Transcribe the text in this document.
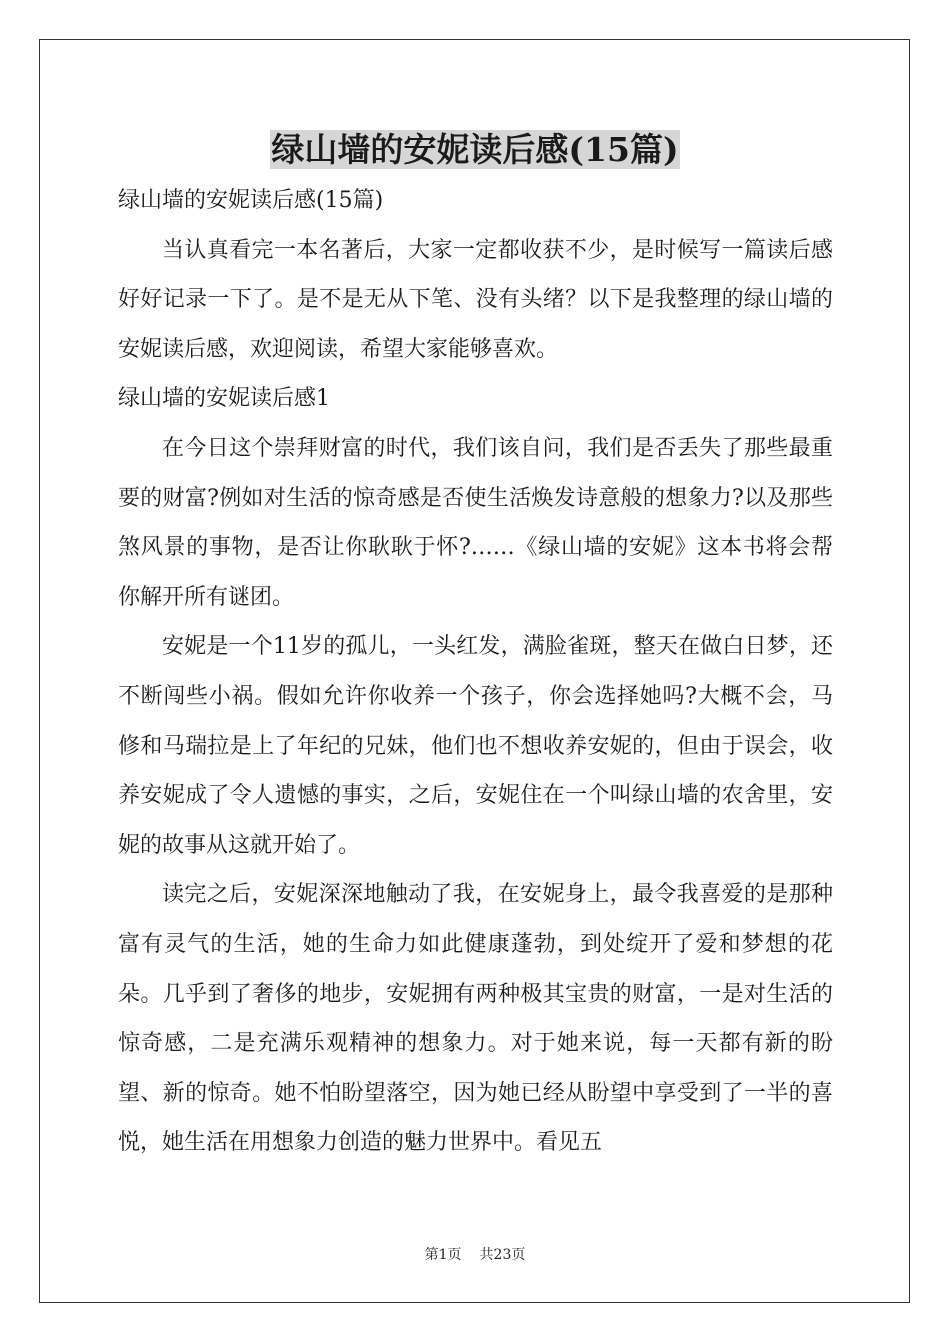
绿山墙的安妮读后感(15篇)

绿山墙的安妮读后感(15篇)

当认真看完一本名著后，大家一定都收获不少，是时候写一篇读后感好好记录一下了。是不是无从下笔、没有头绪？以下是我整理的绿山墙的安妮读后感，欢迎阅读，希望大家能够喜欢。

绿山墙的安妮读后感1

在今日这个崇拜财富的时代，我们该自问，我们是否丢失了那些最重要的财富?例如对生活的惊奇感是否使生活焕发诗意般的想象力?以及那些煞风景的事物，是否让你耿耿于怀?……《绿山墙的安妮》这本书将会帮你解开所有谜团。

安妮是一个11岁的孤儿，一头红发，满脸雀斑，整天在做白日梦，还不断闯些小祸。假如允许你收养一个孩子，你会选择她吗?大概不会，马修和马瑞拉是上了年纪的兄妹，他们也不想收养安妮的，但由于误会，收养安妮成了令人遗憾的事实，之后，安妮住在一个叫绿山墙的农舍里，安妮的故事从这就开始了。

读完之后，安妮深深地触动了我，在安妮身上，最令我喜爱的是那种富有灵气的生活，她的生命力如此健康蓬勃，到处绽开了爱和梦想的花朵。几乎到了奢侈的地步，安妮拥有两种极其宝贵的财富，一是对生活的惊奇感，二是充满乐观精神的想象力。对于她来说，每一天都有新的盼望、新的惊奇。她不怕盼望落空，因为她已经从盼望中享受到了一半的喜悦，她生活在用想象力创造的魅力世界中。看见五

第1页 共23页
